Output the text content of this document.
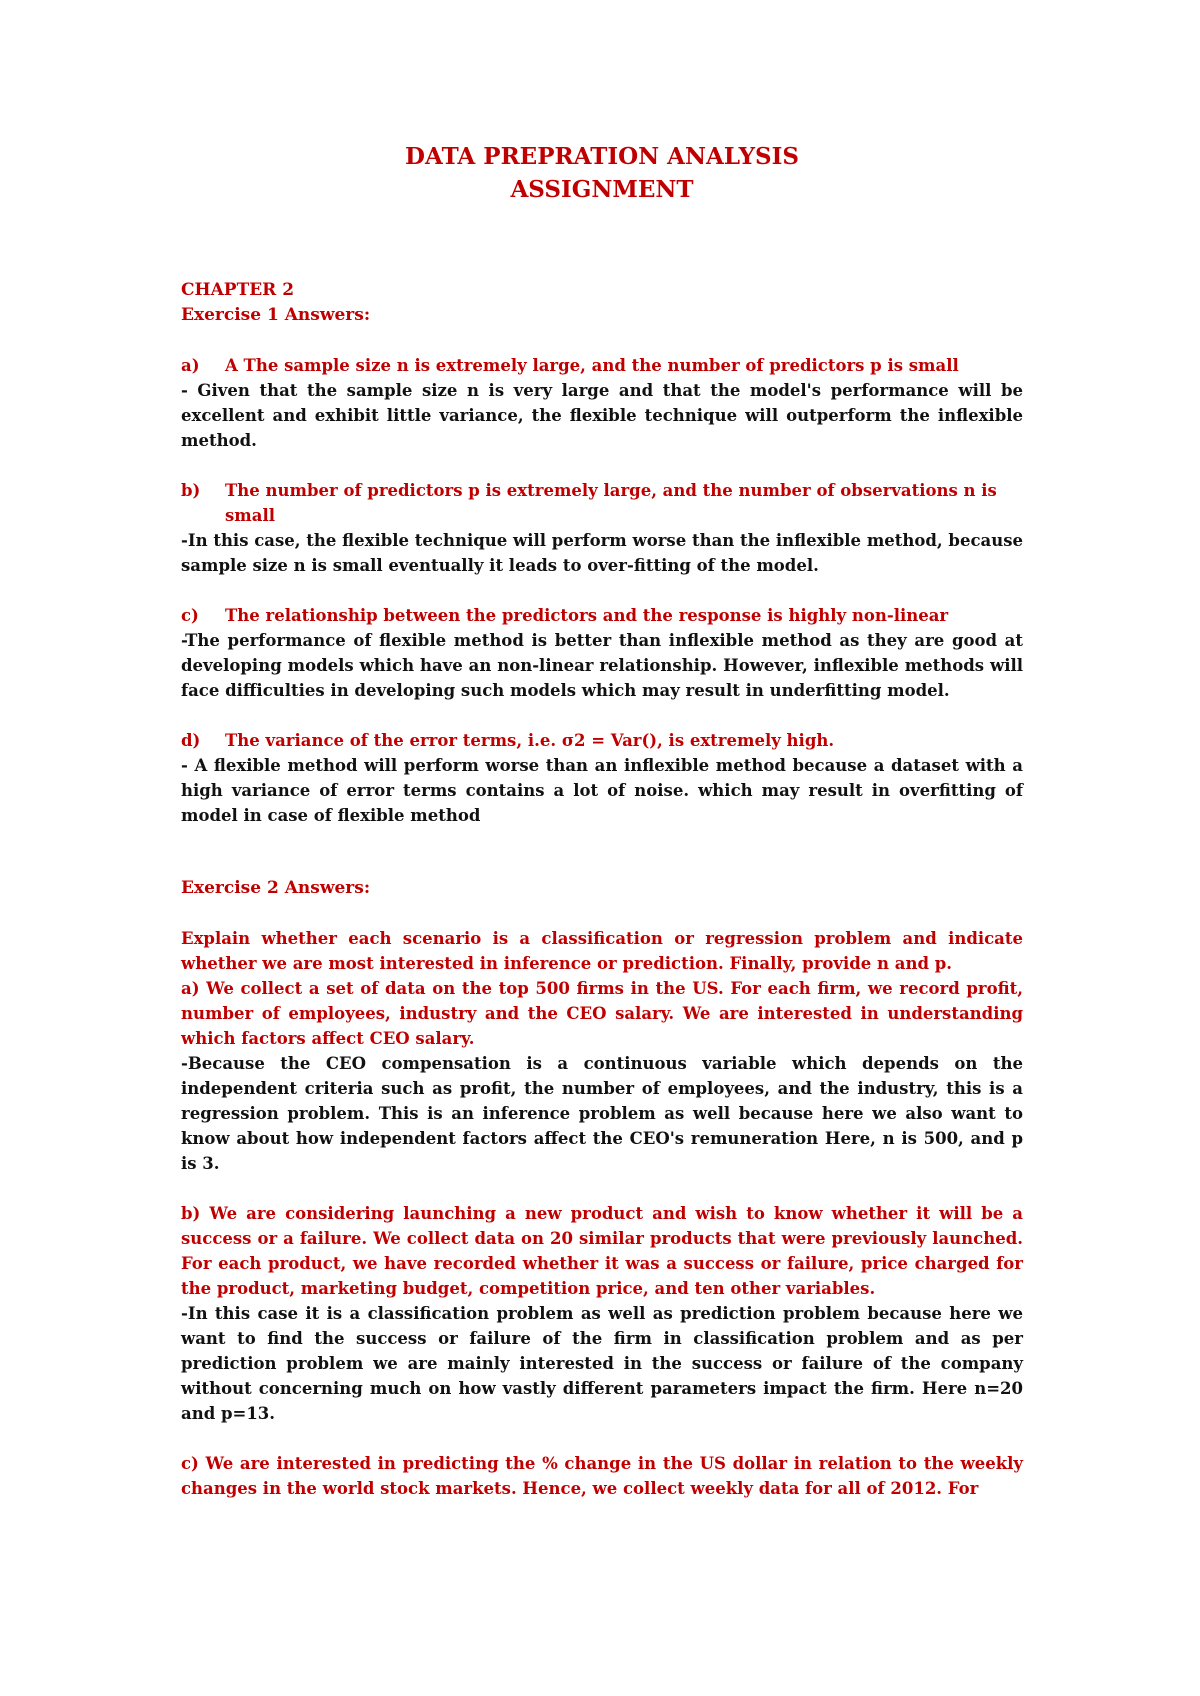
DATA PREPRATION ANALYSIS
ASSIGNMENT
CHAPTER 2
Exercise 1 Answers:
a)	A The sample size n is extremely large, and the number of predictors p is small
- Given that the sample size n is very large and that the model's performance will be excellent and exhibit little variance, the flexible technique will outperform the inflexible method.
b)	The number of predictors p is extremely large, and the number of observations n is small
-In this case, the flexible technique will perform worse than the inflexible method, because sample size n is small eventually it leads to over-fitting of the model.
c)	The relationship between the predictors and the response is highly non-linear
-The performance of flexible method is better than inflexible method as they are good at developing models which have an non-linear relationship. However, inflexible methods will face difficulties in developing such models which may result in underfitting model.
d)	The variance of the error terms, i.e. σ2 = Var(), is extremely high.
- A flexible method will perform worse than an inflexible method because a dataset with a high variance of error terms contains a lot of noise. which may result in overfitting of model in case of flexible method
Exercise 2 Answers:
Explain whether each scenario is a classification or regression problem and indicate whether we are most interested in inference or prediction. Finally, provide n and p.
a) We collect a set of data on the top 500 firms in the US. For each firm, we record profit, number of employees, industry and the CEO salary. We are interested in understanding which factors affect CEO salary.
-Because the CEO compensation is a continuous variable which depends on the independent criteria such as profit, the number of employees, and the industry, this is a regression problem. This is an inference problem as well because here we also want to know about how independent factors affect the CEO's remuneration Here, n is 500, and p is 3.
b) We are considering launching a new product and wish to know whether it will be a success or a failure. We collect data on 20 similar products that were previously launched. For each product, we have recorded whether it was a success or failure, price charged for the product, marketing budget, competition price, and ten other variables.
-In this case it is a classification problem as well as prediction problem because here we want to find the success or failure of the firm in classification problem and as per prediction problem we are mainly interested in the success or failure of the company without concerning much on how vastly different parameters impact the firm. Here n=20 and p=13.
c) We are interested in predicting the % change in the US dollar in relation to the weekly changes in the world stock markets. Hence, we collect weekly data for all of 2012. For
